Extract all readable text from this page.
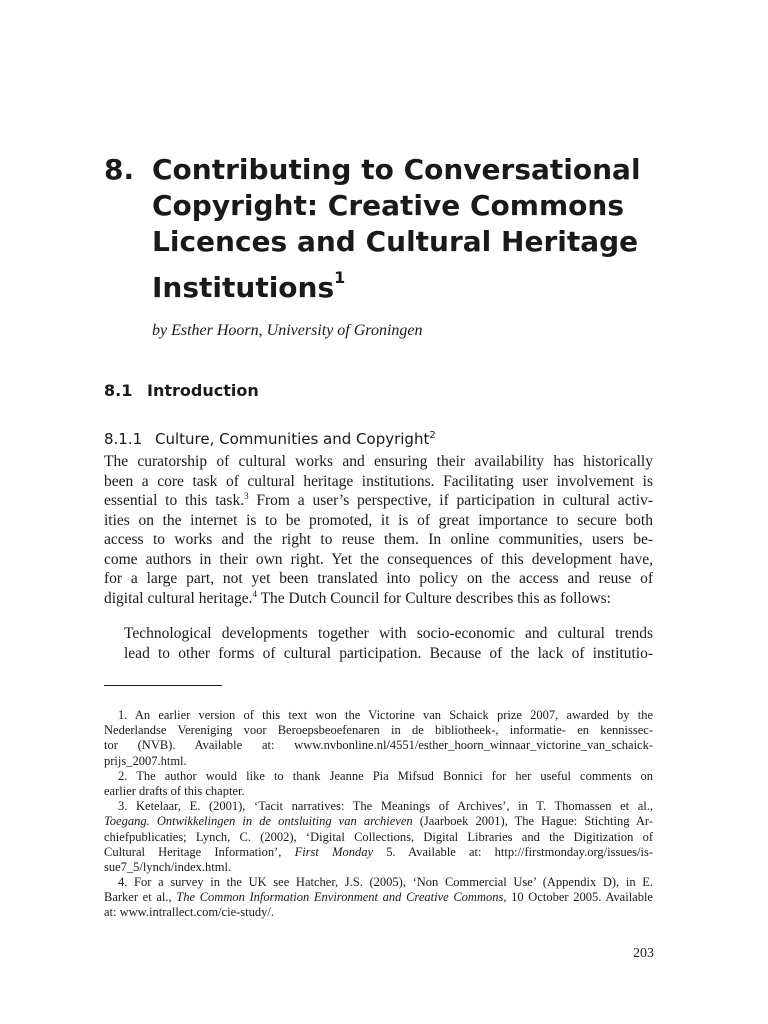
8. Contributing to Conversational
Copyright: Creative Commons
Licences and Cultural Heritage
Institutions$^1$
by Esther Hoorn, University of Groningen
8.1 Introduction
8.1.1 Culture, Communities and Copyright$^2$
The curatorship of cultural works and ensuring their availability has historically
been a core task of cultural heritage institutions. Facilitating user involvement is
essential to this task.$^3$ From a user’s perspective, if participation in cultural activ-
ities on the internet is to be promoted, it is of great importance to secure both
access to works and the right to reuse them. In online communities, users be-
come authors in their own right. Yet the consequences of this development have,
for a large part, not yet been translated into policy on the access and reuse of
digital cultural heritage.$^4$ The Dutch Council for Culture describes this as follows:
Technological developments together with socio-economic and cultural trends
lead to other forms of cultural participation. Because of the lack of institutio-
1. An earlier version of this text won the Victorine van Schaick prize 2007, awarded by the
Nederlandse Vereniging voor Beroepsbeoefenaren in de bibliotheek-, informatie- en kennissec-
tor (NVB). Available at: www.nvbonline.nl/4551/esther_hoorn_winnaar_victorine_van_schaick-
prijs_2007.html.
2. The author would like to thank Jeanne Pia Mifsud Bonnici for her useful comments on
earlier drafts of this chapter.
3. Ketelaar, E. (2001), ‘Tacit narratives: The Meanings of Archives’, in T. Thomassen et al.,
Toegang. Ontwikkelingen in de ontsluiting van archieven (Jaarboek 2001), The Hague: Stichting Ar-
chiefpublicaties; Lynch, C. (2002), ‘Digital Collections, Digital Libraries and the Digitization of
Cultural Heritage Information’, First Monday 5. Available at: http://firstmonday.org/issues/is-
sue7_5/lynch/index.html.
4. For a survey in the UK see Hatcher, J.S. (2005), ‘Non Commercial Use’ (Appendix D), in E.
Barker et al., The Common Information Environment and Creative Commons, 10 October 2005. Available
at: www.intrallect.com/cie-study/.
203
